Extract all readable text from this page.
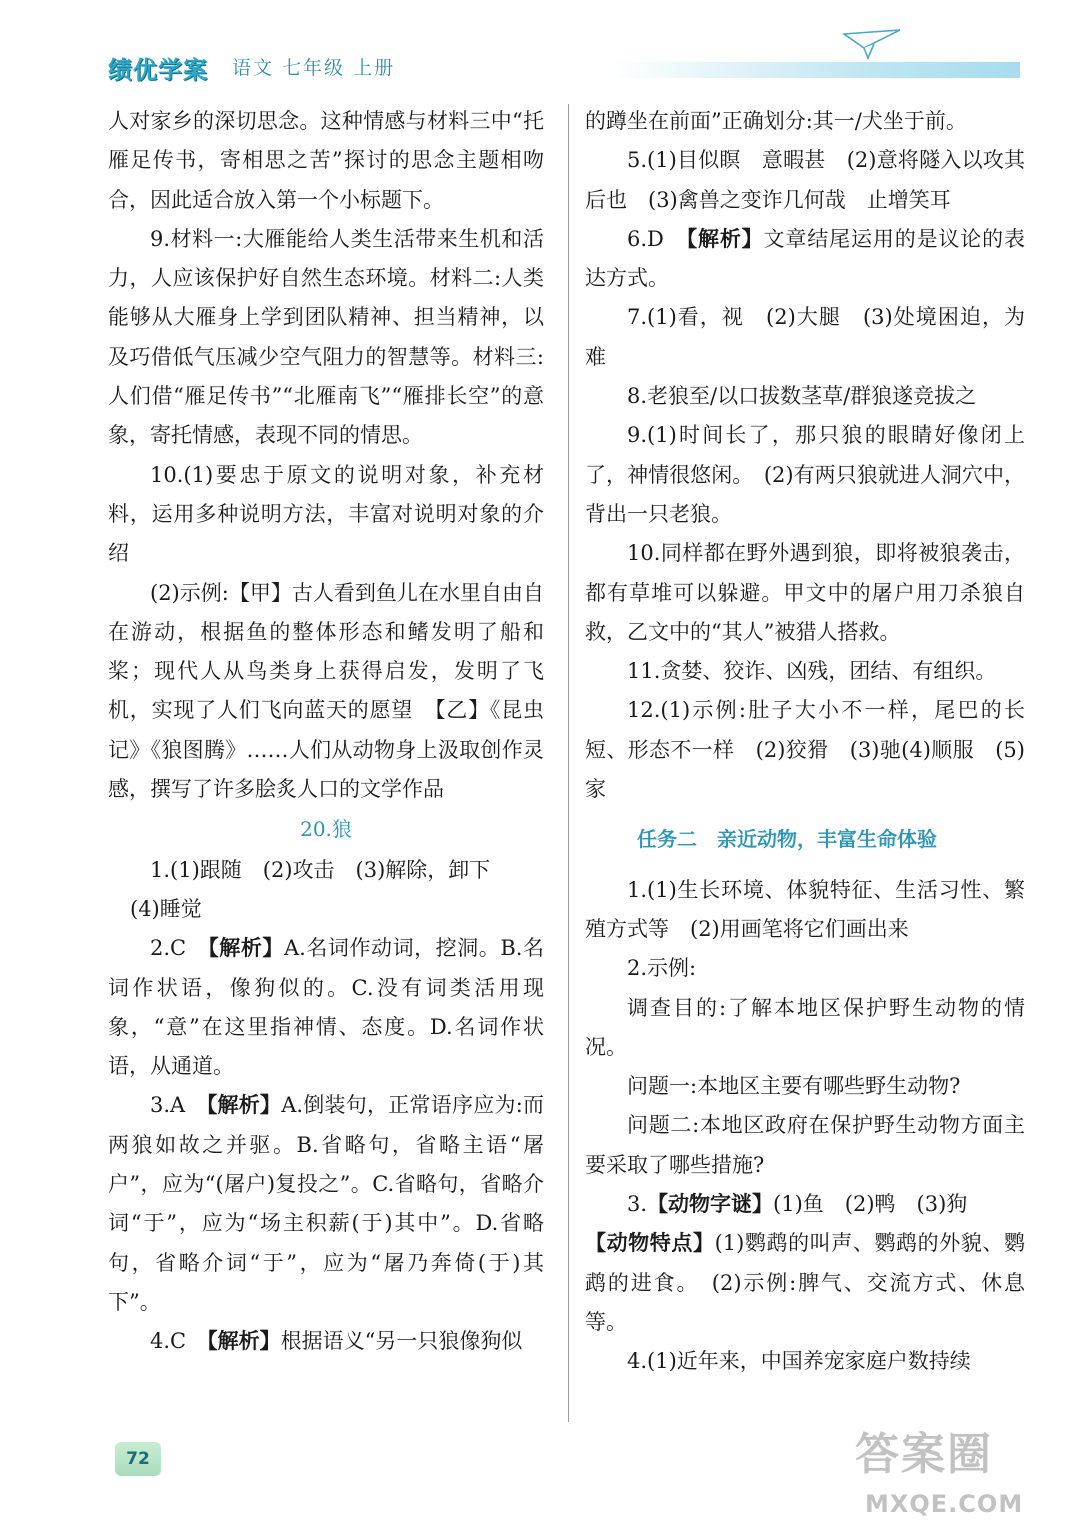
绩优学案 语文 七年级 上册

人对家乡的深切思念。这种情感与材料三中“托雁足传书，寄相思之苦”探讨的思念主题相吻合，因此适合放入第一个小标题下。

9.材料一:大雁能给人类生活带来生机和活力，人应该保护好自然生态环境。材料二:人类能够从大雁身上学到团队精神、担当精神，以及巧借低气压减少空气阻力的智慧等。材料三:人们借“雁足传书”“北雁南飞”“雁排长空”的意象，寄托情感，表现不同的情思。

10.(1)要忠于原文的说明对象，补充材料，运用多种说明方法，丰富对说明对象的介绍

(2)示例:【甲】古人看到鱼儿在水里自由自在游动，根据鱼的整体形态和鳍发明了船和桨；现代人从鸟类身上获得启发，发明了飞机，实现了人们飞向蓝天的愿望　【乙】《昆虫记》《狼图腾》……人们从动物身上汲取创作灵感，撰写了许多脍炙人口的文学作品

20.狼

1.(1)跟随　(2)攻击　(3)解除，卸下

(4)睡觉

2.C　【解析】A.名词作动词，挖洞。B.名词作状语，像狗似的。C.没有词类活用现象，“意”在这里指神情、态度。D.名词作状语，从通道。

3.A　【解析】A.倒装句，正常语序应为:而两狼如故之并驱。B.省略句，省略主语“屠户”，应为“(屠户)复投之”。C.省略句，省略介词“于”，应为“场主积薪(于)其中”。D.省略句，省略介词“于”，应为“屠乃奔倚(于)其下”。

4.C　【解析】根据语义“另一只狼像狗似

的蹲坐在前面”正确划分:其一/犬坐于前。

5.(1)目似瞑　意暇甚　(2)意将隧入以攻其后也　(3)禽兽之变诈几何哉　止增笑耳

6.D　【解析】文章结尾运用的是议论的表达方式。

7.(1)看，视　(2)大腿　(3)处境困迫，为难

8.老狼至/以口拔数茎草/群狼遂竞拔之

9.(1)时间长了，那只狼的眼睛好像闭上了，神情很悠闲。　(2)有两只狼就进人洞穴中，背出一只老狼。

10.同样都在野外遇到狼，即将被狼袭击，都有草堆可以躲避。甲文中的屠户用刀杀狼自救，乙文中的“其人”被猎人搭救。

11.贪婪、狡诈、凶残，团结、有组织。

12.(1)示例:肚子大小不一样，尾巴的长短、形态不一样　(2)狡猾　(3)驰(4)顺服　(5)家

任务二　亲近动物，丰富生命体验

1.(1)生长环境、体貌特征、生活习性、繁殖方式等　(2)用画笔将它们画出来

2.示例:

调查目的:了解本地区保护野生动物的情况。

问题一:本地区主要有哪些野生动物?

问题二:本地区政府在保护野生动物方面主要采取了哪些措施?

3.【动物字谜】(1)鱼　(2)鸭　(3)狗

【动物特点】(1)鹦鹉的叫声、鹦鹉的外貌、鹦鹉的进食。　(2)示例:脾气、交流方式、休息等。

4.(1)近年来，中国养宠家庭户数持续

72	答案圈
MXQE.COM
